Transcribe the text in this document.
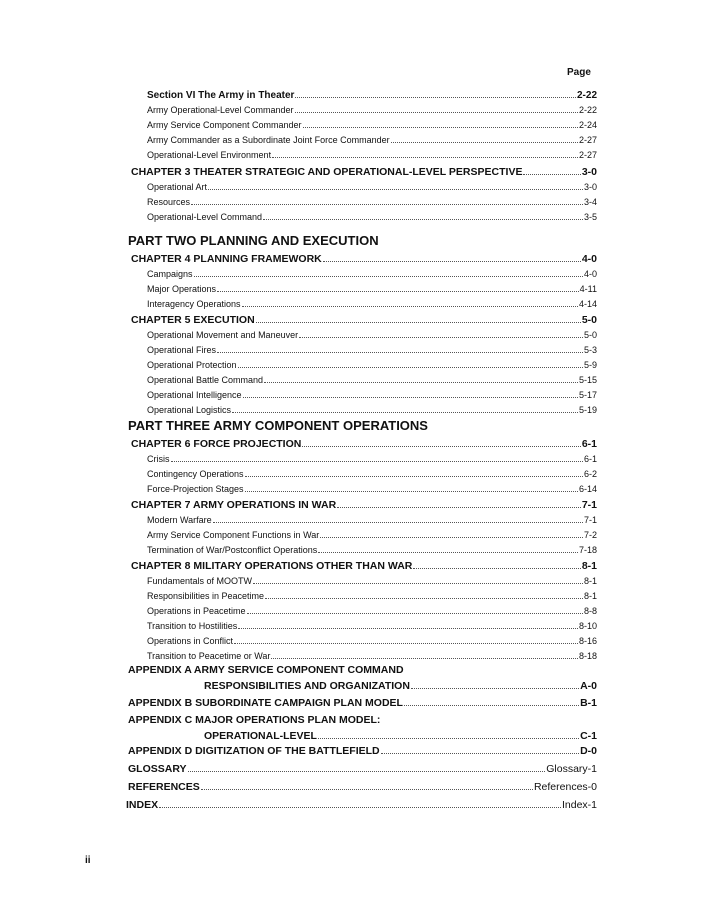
Page
Section VI The Army in Theater	2-22
Army Operational-Level Commander	2-22
Army Service Component Commander	2-24
Army Commander as a Subordinate Joint Force Commander	2-27
Operational-Level Environment	2-27
CHAPTER 3 THEATER STRATEGIC AND OPERATIONAL-LEVEL PERSPECTIVE	3-0
Operational Art	3-0
Resources	3-4
Operational-Level Command	3-5
PART TWO PLANNING AND EXECUTION
CHAPTER 4 PLANNING FRAMEWORK	4-0
Campaigns	4-0
Major Operations	4-11
Interagency Operations	4-14
CHAPTER 5 EXECUTION	5-0
Operational Movement and Maneuver	5-0
Operational Fires	5-3
Operational Protection	5-9
Operational Battle Command	5-15
Operational Intelligence	5-17
Operational Logistics	5-19
PART THREE ARMY COMPONENT OPERATIONS
CHAPTER 6 FORCE PROJECTION	6-1
Crisis	6-1
Contingency Operations	6-2
Force-Projection Stages	6-14
CHAPTER 7 ARMY OPERATIONS IN WAR	7-1
Modern Warfare	7-1
Army Service Component Functions in War	7-2
Termination of War/Postconflict Operations	7-18
CHAPTER 8 MILITARY OPERATIONS OTHER THAN WAR	8-1
Fundamentals of MOOTW	8-1
Responsibilities in Peacetime	8-1
Operations in Peacetime	8-8
Transition to Hostilities	8-10
Operations in Conflict	8-16
Transition to Peacetime or War	8-18
APPENDIX A ARMY SERVICE COMPONENT COMMAND
RESPONSIBILITIES AND ORGANIZATION	A-0
APPENDIX B SUBORDINATE CAMPAIGN PLAN MODEL	B-1
APPENDIX C MAJOR OPERATIONS PLAN MODEL:
OPERATIONAL-LEVEL	C-1
APPENDIX D DIGITIZATION OF THE BATTLEFIELD	D-0
GLOSSARY	Glossary-1
REFERENCES	References-0
INDEX	Index-1
ii
